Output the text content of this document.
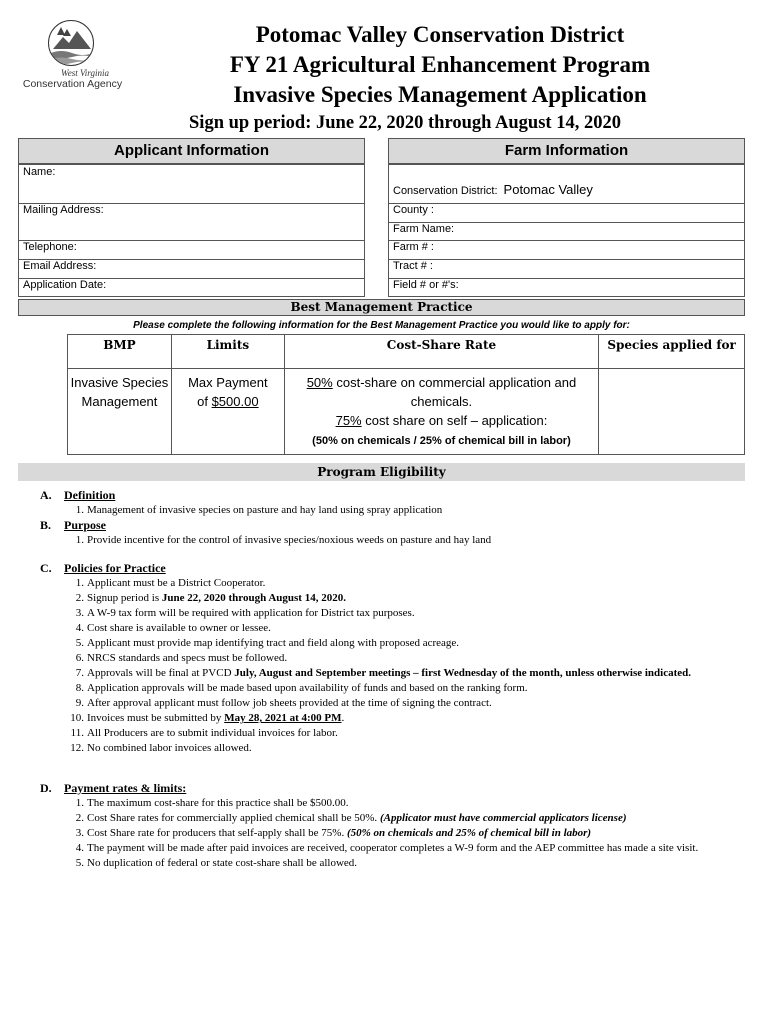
West Virginia
Conservation Agency
Potomac Valley Conservation District
FY 21 Agricultural Enhancement Program
Invasive Species Management Application
Sign up period: June 22, 2020 through August 14, 2020
Applicant Information
Name:
Mailing Address:
Telephone:
Email Address:
Application Date:
Farm Information
Conservation District: Potomac Valley
County :
Farm Name:
Farm # :
Tract # :
Field # or #'s:
Best Management Practice
Please complete the following information for the Best Management Practice you would like to apply for:
BMP	Limits	Cost-Share Rate	Species applied for
Invasive Species Management	Max Payment
of $500.00	50% cost-share on commercial application and chemicals.
75% cost share on self – application:
(50% on chemicals / 25% of chemical bill in labor)	
Program Eligibility
A. Definition
1. Management of invasive species on pasture and hay land using spray application
B. Purpose
1. Provide incentive for the control of invasive species/noxious weeds on pasture and hay land
C. Policies for Practice
1. Applicant must be a District Cooperator.
2. Signup period is June 22, 2020 through August 14, 2020.
3. A W-9 tax form will be required with application for District tax purposes.
4. Cost share is available to owner or lessee.
5. Applicant must provide map identifying tract and field along with proposed acreage.
6. NRCS standards and specs must be followed.
7. Approvals will be final at PVCD July, August and September meetings – first Wednesday of the month, unless otherwise indicated.
8. Application approvals will be made based upon availability of funds and based on the ranking form.
9. After approval applicant must follow job sheets provided at the time of signing the contract.
10. Invoices must be submitted by May 28, 2021 at 4:00 PM.
11. All Producers are to submit individual invoices for labor.
12. No combined labor invoices allowed.
D. Payment rates & limits:
1. The maximum cost-share for this practice shall be $500.00.
2. Cost Share rates for commercially applied chemical shall be 50%. (Applicator must have commercial applicators license)
3. Cost Share rate for producers that self-apply shall be 75%. (50% on chemicals and 25% of chemical bill in labor)
4. The payment will be made after paid invoices are received, cooperator completes a W-9 form and the AEP committee has made a site visit.
5. No duplication of federal or state cost-share shall be allowed.
